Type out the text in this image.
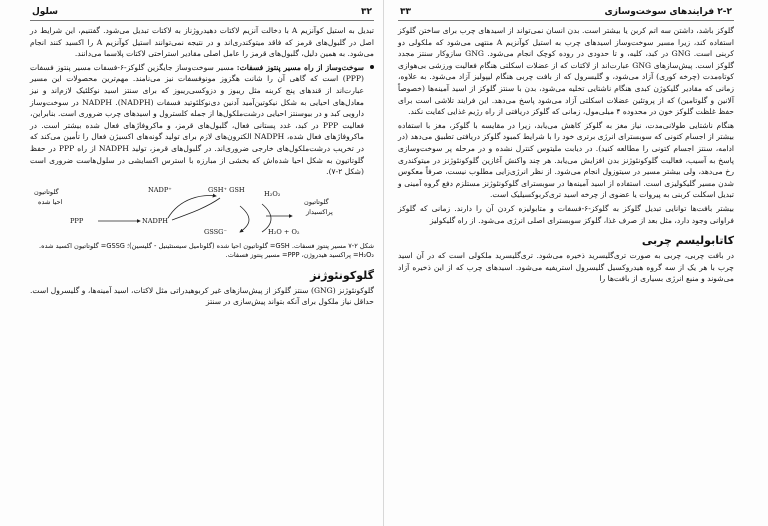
۳۲
سلول

تبدیل به استیل کوآنزیم A با دخالت آنزیم لاکتات دهیدروژناز به لاکتات تبدیل می‌شود. گفتنیم، این شرایط در اصل در گلبول‌های قرمز که فاقد میتوکندری‌اند و در نتیجه نمی‌توانند استیل کوآنزیم A را اکسید کنند انجام می‌شود. به همین دلیل، گلبول‌های قرمز را عامل اصلی مقادیر استراحتی لاکتات پلاسما می‌دانند.

سوخت‌وساز از راه مسیر پنتوز فسفات: مسیر سوخت‌وساز جایگزین گلوکز-۶-فسفات مسیر پنتوز فسفات (PPP) است که گاهی آن را شانت هگزوز مونوفسفات نیز می‌نامند. مهم‌ترین محصولات این مسیر عبارت‌اند از قندهای پنج کربنه مثل ریبوز و دزوکسی‌ریبوز که برای سنتز اسید نوکلئیک لازم‌اند و نیز معادل‌های احیایی به شکل نیکوتین‌آمید آدنین دی‌نوکلئوتید فسفات (NADPH). NADPH در سوخت‌وساز دارویی کبد و در بیوسنتز احیایی درشت‌ملکول‌ها از جمله کلسترول و اسیدهای چرب ضروری است. بنابراین، فعالیت PPP در کبد، غدد پستانی فعال، گلبول‌های قرمز، و ماکروفاژهای فعال شده بیشتر است. در ماکروفاژهای فعال شده، NADPH الکترون‌های لازم برای تولید گونه‌های اکسیژن فعال را تأمین می‌کند که در تخریب درشت‌ملکول‌های خارجی ضروری‌اند. در گلبول‌های قرمز، تولید NADPH از راه PPP در حفظ گلوتاتیون به شکل احیا شده‌اش که بخشی از مبارزه با استرس اکسایشی در سلول‌هاست ضروری است (شکل ۲-۷).
گلوتاتیون
احیا شده
PPP	NADPH
NADP⁺	GSH⁺ GSH
GSSG⁻
H₂O₂
H₂O + O₂
گلوتاتیون
پراکسیداز
شکل ۲-۷ مسیر پنتوز فسفات. GSH= گلوتاتیون احیا شده (گلوتامیل سیستئینیل - گلیسین)؛ GSSG= گلوتاتیون اکسید شده. H₂O₂= پراکسید هیدروژن، PPP= مسیر پنتوز فسفات.
گلوکونئوژنز
گلوکونئوژنز (GNG) سنتز گلوکز از پیش‌سازهای غیر کربوهیدراتی مثل لاکتات، اسید آمینه‌ها، و گلیسرول است. حداقل نیاز ملکول برای آنکه بتواند پیش‌سازی در سنتز
۲-۲ فرایندهای سوخت‌وسازی
۳۳

گلوکز باشد، داشتن سه اتم کربن یا بیشتر است. بدن انسان نمی‌تواند از اسیدهای چرب برای ساختن گلوکز استفاده کند، زیرا مسیر سوخت‌وساز اسیدهای چرب به استیل کوآنزیم A منتهی می‌شود که ملکولی دو کربنی است. GNG در کبد، کلیه، و تا حدودی در روده کوچک انجام می‌شود. GNG سازوکار سنتز مجدد گلوکز است. پیش‌سازهای GNG عبارت‌اند از لاکتات که از عضلات اسکلتی هنگام فعالیت ورزشی بی‌هوازی کوتاه‌مدت (چرخه کوری) آزاد می‌شود، و گلیسرول که از بافت چربی هنگام لیپولیز آزاد می‌شود. به علاوه، زمانی که مقادیر گلیکوژن کبدی هنگام ناشتایی تخلیه می‌شود، بدن با سنتز گلوکز از اسید آمینه‌ها (خصوصاً آلانین و گلوتامین) که از پروتئین عضلات اسکلتی آزاد می‌شود پاسخ می‌دهد. این فرایند تلاشی است برای حفظ غلظت گلوکز خون در محدوده ۴ میلی‌مول، زمانی که گلوکز دریافتی از راه رژیم غذایی کفایت نکند.

هنگام ناشتایی طولانی‌مدت، نیاز مغز به گلوکز کاهش می‌یابد، زیرا در مقایسه با گلوکز، مغز با استفاده بیشتر از اجسام کتونی که سوبسترای انرژی برتری خود را با شرایط کمبود گلوکز دریافتی تطبیق می‌دهد (در ادامه، سنتز اجسام کتونی را مطالعه کنید). در دیابت ملیتوس کنترل نشده و در مرحله پر سوخت‌وسازی پاسخ به آسیب، فعالیت گلوکونئوژنز بدن افزایش می‌یابد. هر چند واکنش آغازین گلوکونئوژنز در میتوکندری رخ می‌دهد، ولی بیشتر مسیر در سیتوزول انجام می‌شود. از نظر انرژی‌زایی مطلوب نیست، صرفاً معکوس شدن مسیر گلیکولیزی است. استفاده از اسید آمینه‌ها در سوبسترای گلوکونئوژنز مستلزم دفع گروه آمینی و تبدیل اسکلت کربنی به پیروات یا عضوی از چرخه اسید تری‌کربوکسیلیک است.

بیشتر بافت‌ها توانایی تبدیل گلوکز به گلوکز-۶-فسفات و متابولیزه کردن آن را دارند. زمانی که گلوکز فراوانی وجود دارد، مثل بعد از صرف غذا، گلوکز سوبسترای اصلی انرژی می‌شود. از راه گلیکولیز

کاتابولیسم چربی
در بافت چربی، چربی به صورت تری‌گلیسرید ذخیره می‌شود. تری‌گلیسرید ملکولی است که در آن اسید چرب با هر یک از سه گروه هیدروکسیل گلیسرول استریفیه می‌شود. اسیدهای چرب که از این ذخیره آزاد می‌شوند و منبع انرژی بسیاری از بافت‌ها را
